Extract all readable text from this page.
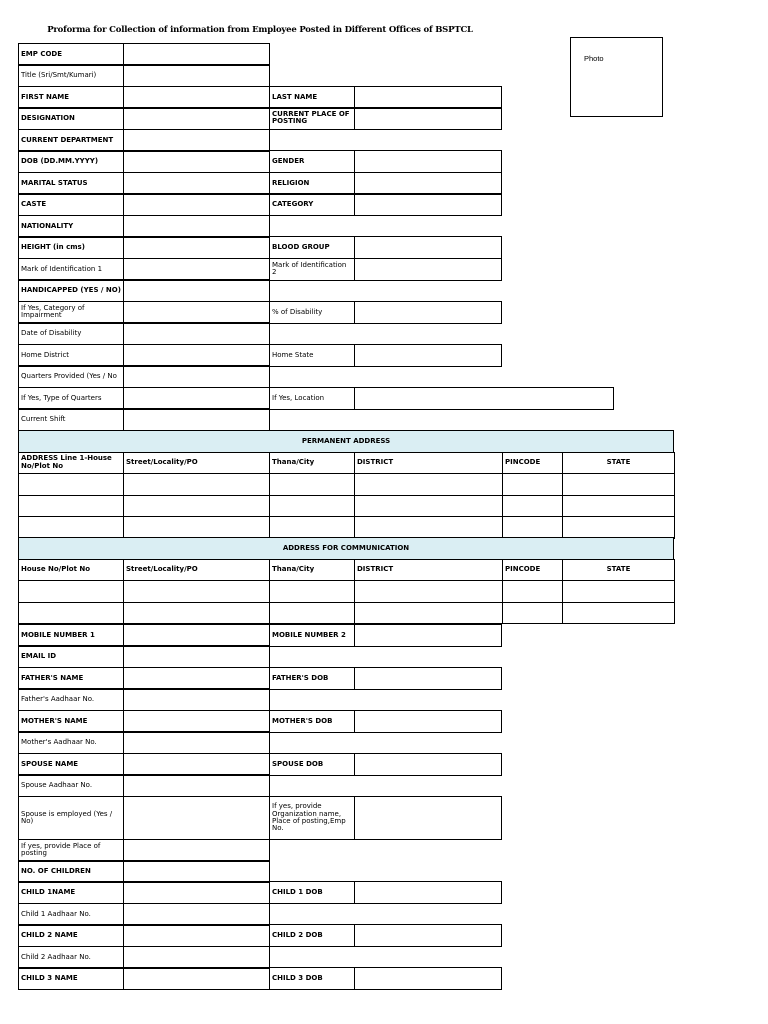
Proforma for Collection of information from Employee Posted in Different Offices of BSPTCL
Photo
EMP CODE
Title (Sri/Smt/Kumari)
FIRST NAME	LAST NAME
DESIGNATION	CURRENT PLACE OF POSTING
CURRENT DEPARTMENT
DOB (DD.MM.YYYY)	GENDER
MARITAL STATUS	RELIGION
CASTE	CATEGORY
NATIONALITY
HEIGHT (in cms)	BLOOD GROUP
Mark of Identification 1	Mark of Identification 2
HANDICAPPED (YES / NO)
If Yes, Category of Impairment	% of Disability
Date of Disability
Home District	Home State
Quarters Provided (Yes / No
If Yes, Type of Quarters	If Yes, Location
Current Shift
PERMANENT ADDRESS
ADDRESS Line 1-House No/Plot No	Street/Locality/PO	Thana/City	DISTRICT	PINCODE	STATE
ADDRESS FOR COMMUNICATION
House No/Plot No	Street/Locality/PO	Thana/City	DISTRICT	PINCODE	STATE
MOBILE NUMBER 1	MOBILE NUMBER 2
EMAIL ID
FATHER'S NAME	FATHER'S DOB
Father's Aadhaar No.
MOTHER'S NAME	MOTHER'S DOB
Mother's Aadhaar No.
SPOUSE NAME	SPOUSE DOB
Spouse Aadhaar No.
Spouse is employed (Yes / No)
If yes, provide Organization name, Place of posting,Emp No.
If yes, provide Place of posting
NO. OF CHILDREN
CHILD 1NAME	CHILD 1 DOB
Child 1 Aadhaar No.
CHILD 2 NAME	CHILD 2 DOB
Child 2 Aadhaar No.
CHILD 3 NAME	CHILD 3 DOB
